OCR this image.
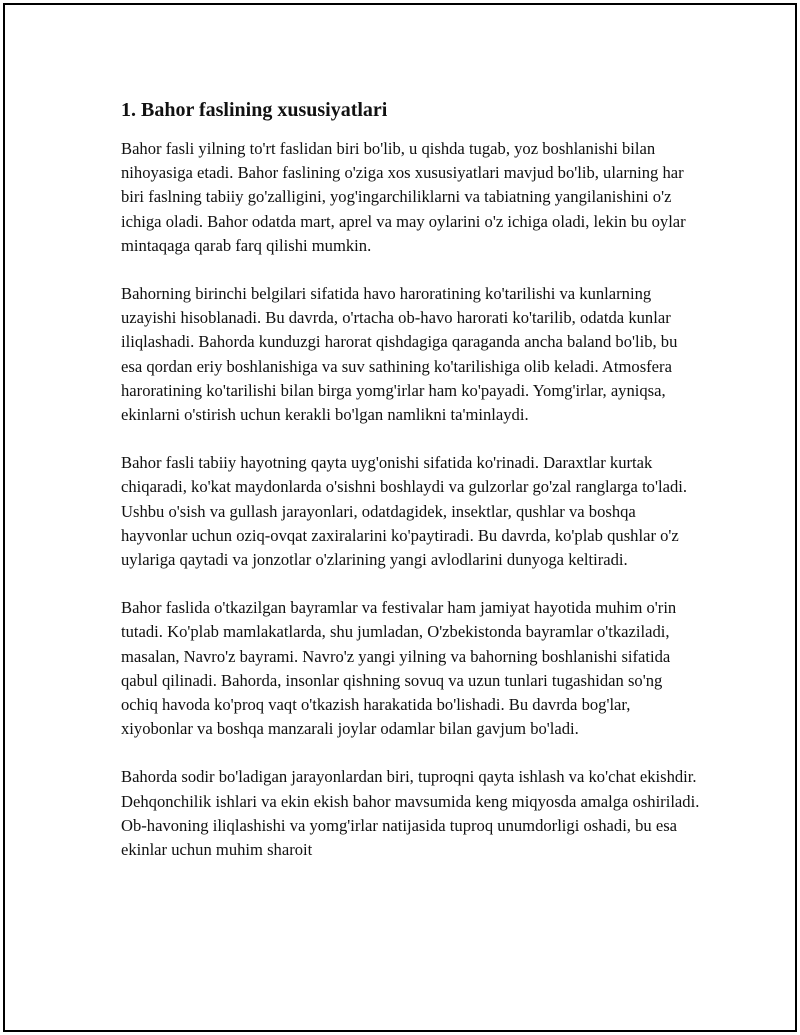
1. Bahor faslining xususiyatlari

Bahor fasli yilning to'rt faslidan biri bo'lib, u qishda tugab, yoz boshlanishi bilan nihoyasiga etadi. Bahor faslining o'ziga xos xususiyatlari mavjud bo'lib, ularning har biri faslning tabiiy go'zalligini, yog'ingarchiliklarni va tabiatning yangilanishini o'z ichiga oladi. Bahor odatda mart, aprel va may oylarini o'z ichiga oladi, lekin bu oylar mintaqaga qarab farq qilishi mumkin.

Bahorning birinchi belgilari sifatida havo haroratining ko'tarilishi va kunlarning uzayishi hisoblanadi. Bu davrda, o'rtacha ob-havo harorati ko'tarilib, odatda kunlar iliqlashadi. Bahorda kunduzgi harorat qishdagiga qaraganda ancha baland bo'lib, bu esa qordan eriy boshlanishiga va suv sathining ko'tarilishiga olib keladi. Atmosfera haroratining ko'tarilishi bilan birga yomg'irlar ham ko'payadi. Yomg'irlar, ayniqsa, ekinlarni o'stirish uchun kerakli bo'lgan namlikni ta'minlaydi.

Bahor fasli tabiiy hayotning qayta uyg'onishi sifatida ko'rinadi. Daraxtlar kurtak chiqaradi, ko'kat maydonlarda o'sishni boshlaydi va gulzorlar go'zal ranglarga to'ladi. Ushbu o'sish va gullash jarayonlari, odatdagidek, insektlar, qushlar va boshqa hayvonlar uchun oziq-ovqat zaxiralarini ko'paytiradi. Bu davrda, ko'plab qushlar o'z uylariga qaytadi va jonzotlar o'zlarining yangi avlodlarini dunyoga keltiradi.

Bahor faslida o'tkazilgan bayramlar va festivalar ham jamiyat hayotida muhim o'rin tutadi. Ko'plab mamlakatlarda, shu jumladan, O'zbekistonda bayramlar o'tkaziladi, masalan, Navro'z bayrami. Navro'z yangi yilning va bahorning boshlanishi sifatida qabul qilinadi. Bahorda, insonlar qishning sovuq va uzun tunlari tugashidan so'ng ochiq havoda ko'proq vaqt o'tkazish harakatida bo'lishadi. Bu davrda bog'lar, xiyobonlar va boshqa manzarali joylar odamlar bilan gavjum bo'ladi.

Bahorda sodir bo'ladigan jarayonlardan biri, tuproqni qayta ishlash va ko'chat ekishdir. Dehqonchilik ishlari va ekin ekish bahor mavsumida keng miqyosda amalga oshiriladi. Ob-havoning iliqlashishi va yomg'irlar natijasida tuproq unumdorligi oshadi, bu esa ekinlar uchun muhim sharoit
